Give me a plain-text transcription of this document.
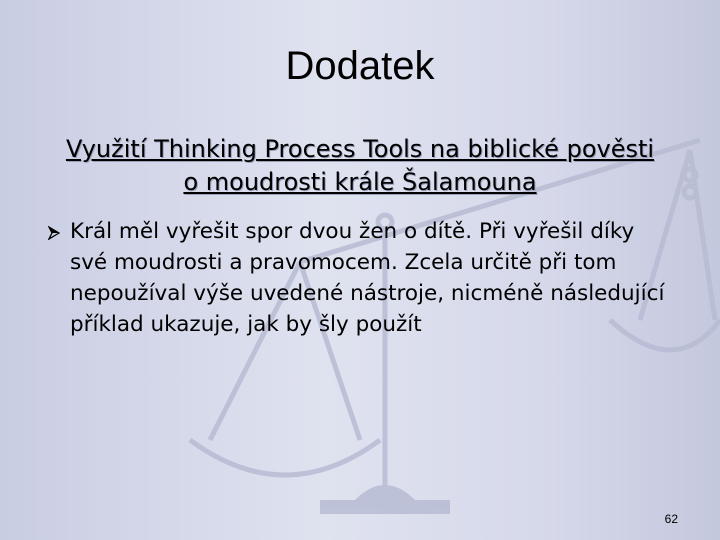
Dodatek

Využití Thinking Process Tools na biblické pověsti o moudrosti krále Šalamouna

Král měl vyřešit spor dvou žen o dítě. Při vyřešil díky své moudrosti a pravomocem. Zcela určitě při tom nepoužíval výše uvedené nástroje, nicméně následující příklad ukazuje, jak by šly použít
62
